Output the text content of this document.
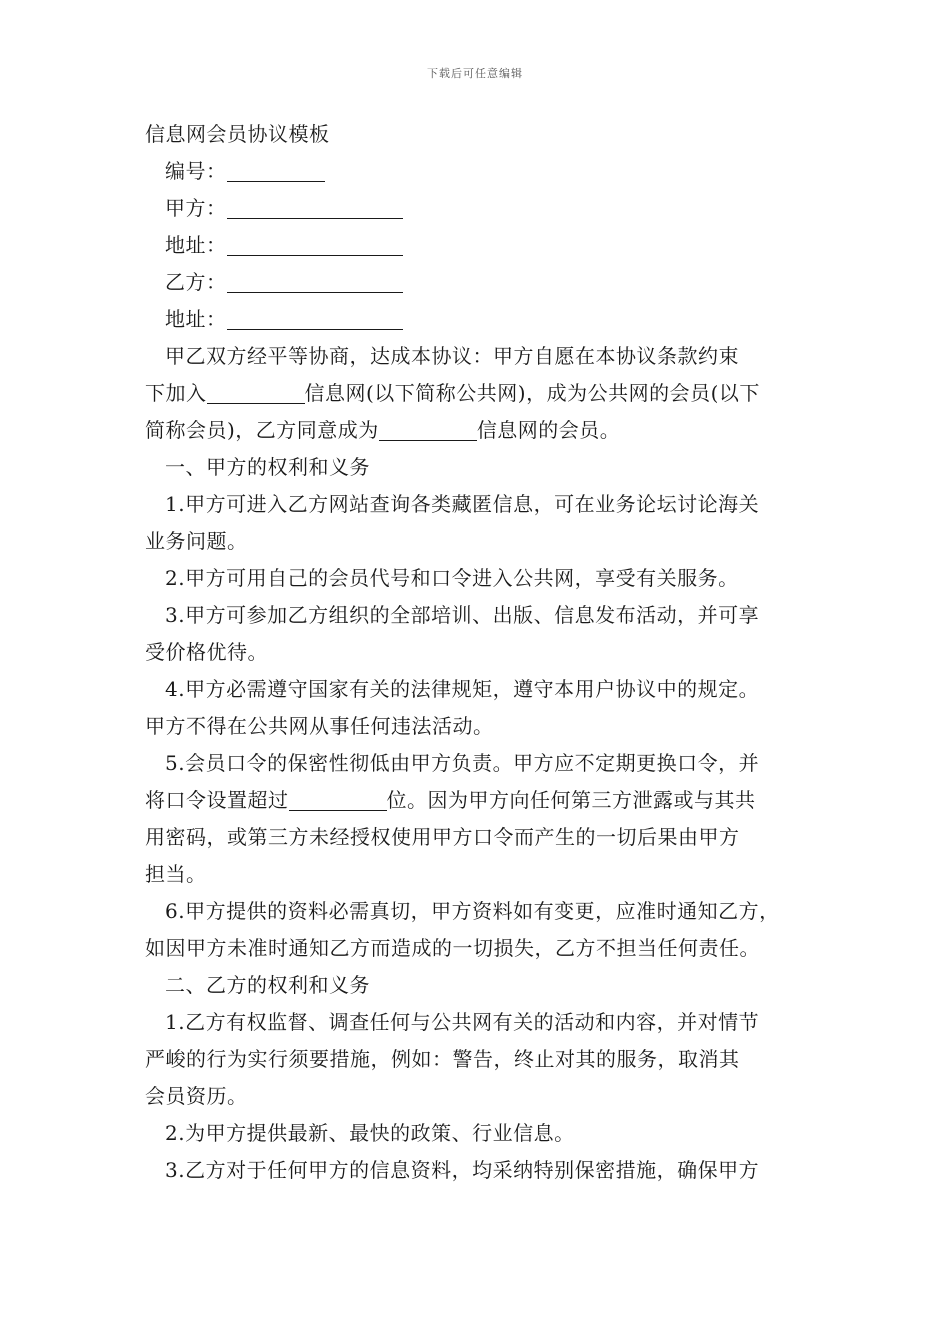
下载后可任意编辑
信息网会员协议模板
编号：
甲方：
地址：
乙方：
地址：
甲乙双方经平等协商，达成本协议：甲方自愿在本协议条款约束
下加入	信息网(以下简称公共网)，成为公共网的会员(以下
简称会员)，乙方同意成为	信息网的会员。
一、甲方的权利和义务
1.甲方可进入乙方网站查询各类藏匿信息，可在业务论坛讨论海关
业务问题。
2.甲方可用自己的会员代号和口令进入公共网，享受有关服务。
3.甲方可参加乙方组织的全部培训、出版、信息发布活动，并可享
受价格优待。
4.甲方必需遵守国家有关的法律规矩，遵守本用户协议中的规定。
甲方不得在公共网从事任何违法活动。
5.会员口令的保密性彻低由甲方负责。甲方应不定期更换口令，并
将口令设置超过	位。因为甲方向任何第三方泄露或与其共
用密码，或第三方未经授权使用甲方口令而产生的一切后果由甲方
担当。
6.甲方提供的资料必需真切，甲方资料如有变更，应准时通知乙方，
如因甲方未准时通知乙方而造成的一切损失，乙方不担当任何责任。
二、乙方的权利和义务
1.乙方有权监督、调查任何与公共网有关的活动和内容，并对情节
严峻的行为实行须要措施，例如：警告，终止对其的服务，取消其
会员资历。
2.为甲方提供最新、最快的政策、行业信息。
3.乙方对于任何甲方的信息资料，均采纳特别保密措施，确保甲方
